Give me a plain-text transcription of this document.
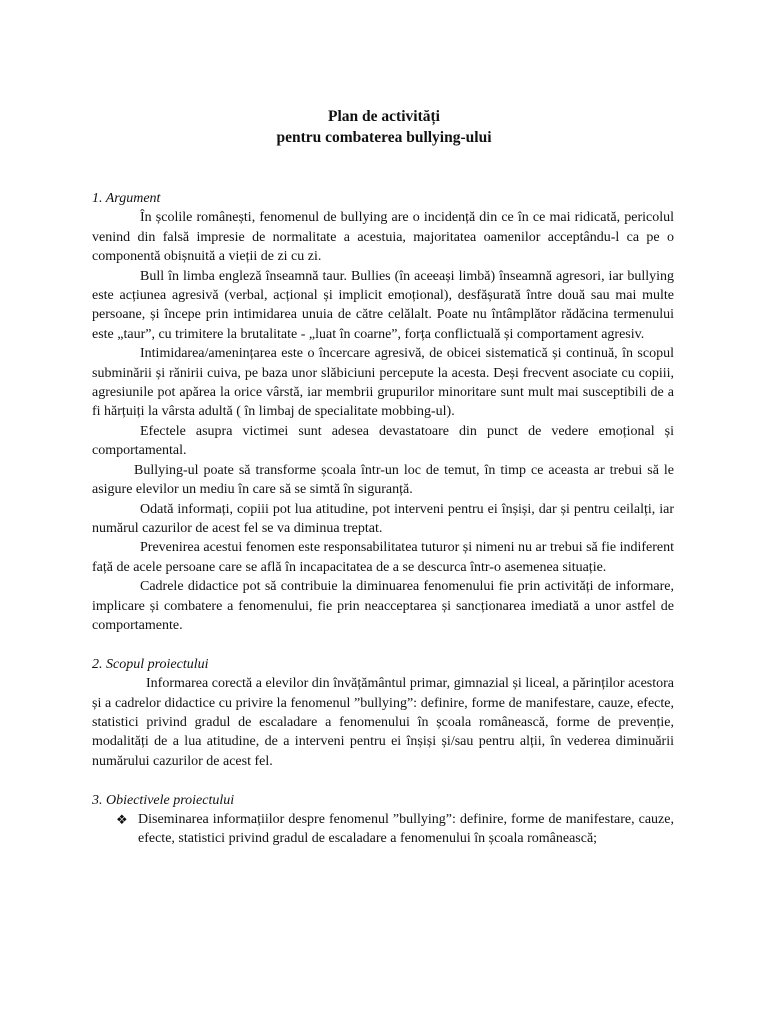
Plan de activități
pentru combaterea bullying-ului
1. Argument
În școlile românești, fenomenul de bullying are o incidență din ce în ce mai ridicată, pericolul venind din falsă impresie de normalitate a acestuia, majoritatea oamenilor acceptându-l ca pe o componentă obișnuită a vieții de zi cu zi.
Bull în limba engleză înseamnă taur. Bullies (în aceeași limbă) înseamnă agresori, iar bullying este acțiunea agresivă (verbal, acțional și implicit emoțional), desfășurată între două sau mai multe persoane, și începe prin intimidarea unuia de către celălalt. Poate nu întâmplător rădăcina termenului este „taur”, cu trimitere la brutalitate - „luat în coarne”, forța conflictuală și comportament agresiv.
Intimidarea/amenințarea este o încercare agresivă, de obicei sistematică și continuă, în scopul subminării și rănirii cuiva, pe baza unor slăbiciuni percepute la acesta. Deși frecvent asociate cu copiii, agresiunile pot apărea la orice vârstă, iar membrii grupurilor minoritare sunt mult mai susceptibili de a fi hărțuiți la vârsta adultă ( în limbaj de specialitate mobbing-ul).
Efectele asupra victimei sunt adesea devastatoare din punct de vedere emoțional și comportamental.
Bullying-ul poate să transforme școala într-un loc de temut, în timp ce aceasta ar trebui să le asigure elevilor un mediu în care să se simtă în siguranță.
Odată informați, copiii pot lua atitudine, pot interveni pentru ei înșiși, dar și pentru ceilalți, iar numărul cazurilor de acest fel se va diminua treptat.
Prevenirea acestui fenomen este responsabilitatea tuturor și nimeni nu ar trebui să fie indiferent față de acele persoane care se află în incapacitatea de a se descurca într-o asemenea situație.
Cadrele didactice pot să contribuie la diminuarea fenomenului fie prin activități de informare, implicare și combatere a fenomenului, fie prin neacceptarea și sancționarea imediată a unor astfel de comportamente.
2. Scopul proiectului
Informarea corectă a elevilor din învățământul primar, gimnazial și liceal, a părinților acestora și a cadrelor didactice cu privire la fenomenul ”bullying”: definire, forme de manifestare, cauze, efecte, statistici privind gradul de escaladare a fenomenului în școala românească, forme de prevenție, modalități de a lua atitudine, de a interveni pentru ei înșiși și/sau pentru alții, în vederea diminuării numărului cazurilor de acest fel.
3. Obiectivele proiectului
❖ Diseminarea informațiilor despre fenomenul ”bullying”: definire, forme de manifestare, cauze, efecte, statistici privind gradul de escaladare a fenomenului în școala românească;
